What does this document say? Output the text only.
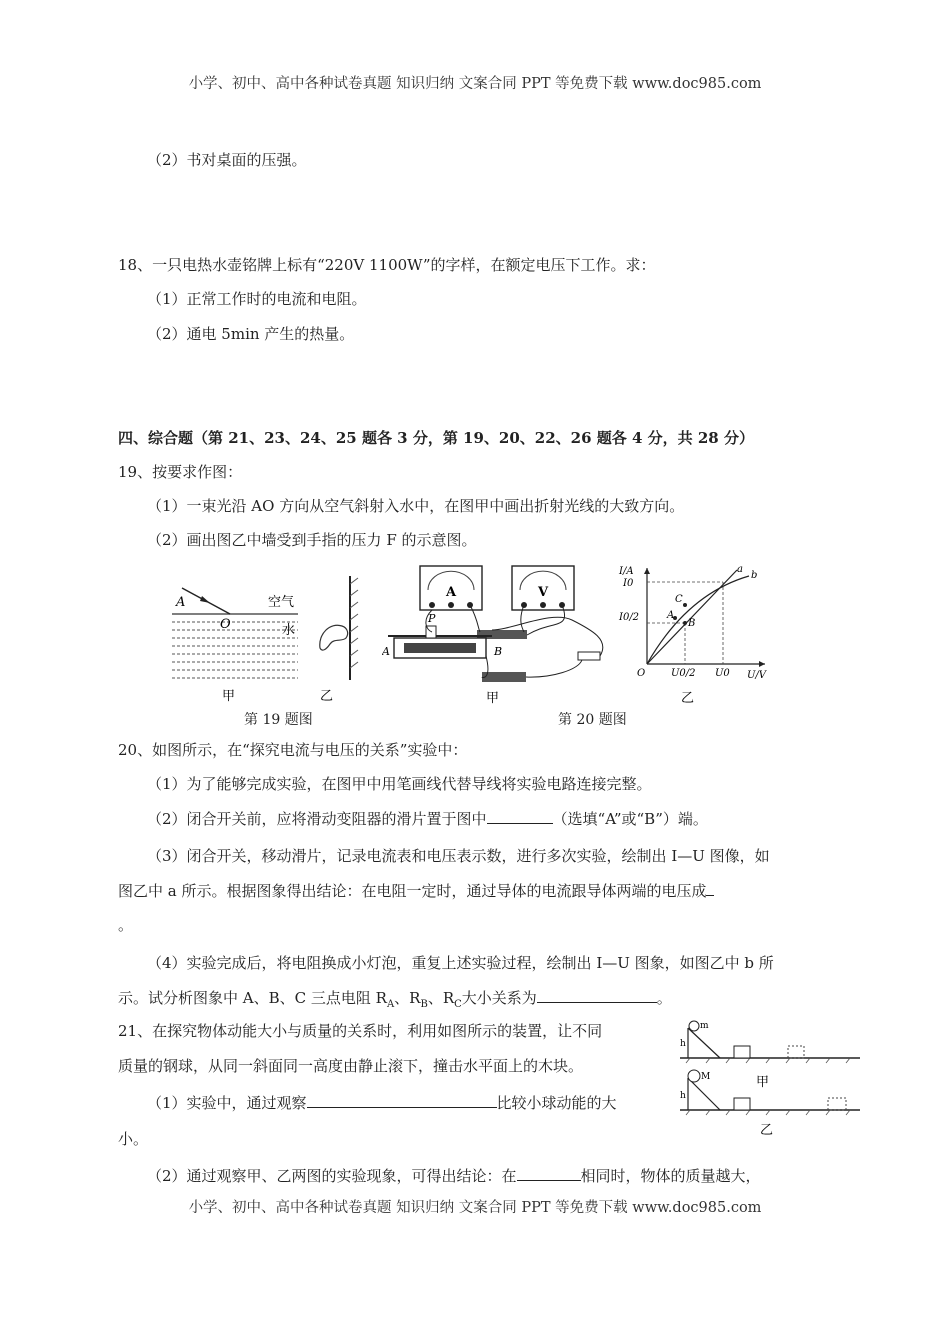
小学、初中、高中各种试卷真题 知识归纳 文案合同 PPT 等免费下载 www.doc985.com
（2）书对桌面的压强。
18、一只电热水壶铭牌上标有“220V 1100W”的字样，在额定电压下工作。求：
（1）正常工作时的电流和电阻。
（2）通电 5min 产生的热量。
四、综合题（第 21、23、24、25 题各 3 分，第 19、20、22、26 题各 4 分，共 28 分）
19、按要求作图：
（1）一束光沿 AO 方向从空气斜射入水中，在图甲中画出折射光线的大致方向。
（2）画出图乙中墙受到手指的压力 F 的示意图。
A
O
空气
水
甲	乙
第 19 题图
A	V
P
A	B
甲
I/A
U/V
I0
I0/2
U0/2 U0
O
a
b
A
B
C
乙
第 20 题图
20、如图所示，在“探究电流与电压的关系”实验中：
（1）为了能够完成实验，在图甲中用笔画线代替导线将实验电路连接完整。
（2）闭合开关前，应将滑动变阻器的滑片置于图中	（选填“A”或“B”）端。
（3）闭合开关，移动滑片，记录电流表和电压表示数，进行多次实验，绘制出 I—U 图像，如
图乙中 a 所示。根据图象得出结论：在电阻一定时，通过导体的电流跟导体两端的电压成
。
（4）实验完成后，将电阻换成小灯泡，重复上述实验过程，绘制出 I—U 图象，如图乙中 b 所
示。试分析图象中 A、B、C 三点电阻 $R_A$、$R_B$、$R_C$大小关系为	。
21、在探究物体动能大小与质量的关系时，利用如图所示的装置，让不同
质量的钢球，从同一斜面同一高度由静止滚下，撞击水平面上的木块。
（1）实验中，通过观察	比较小球动能的大
小。
（2）通过观察甲、乙两图的实验现象，可得出结论：在	相同时，物体的质量越大，
m
h
甲
M
h
乙
小学、初中、高中各种试卷真题 知识归纳 文案合同 PPT 等免费下载 www.doc985.com
